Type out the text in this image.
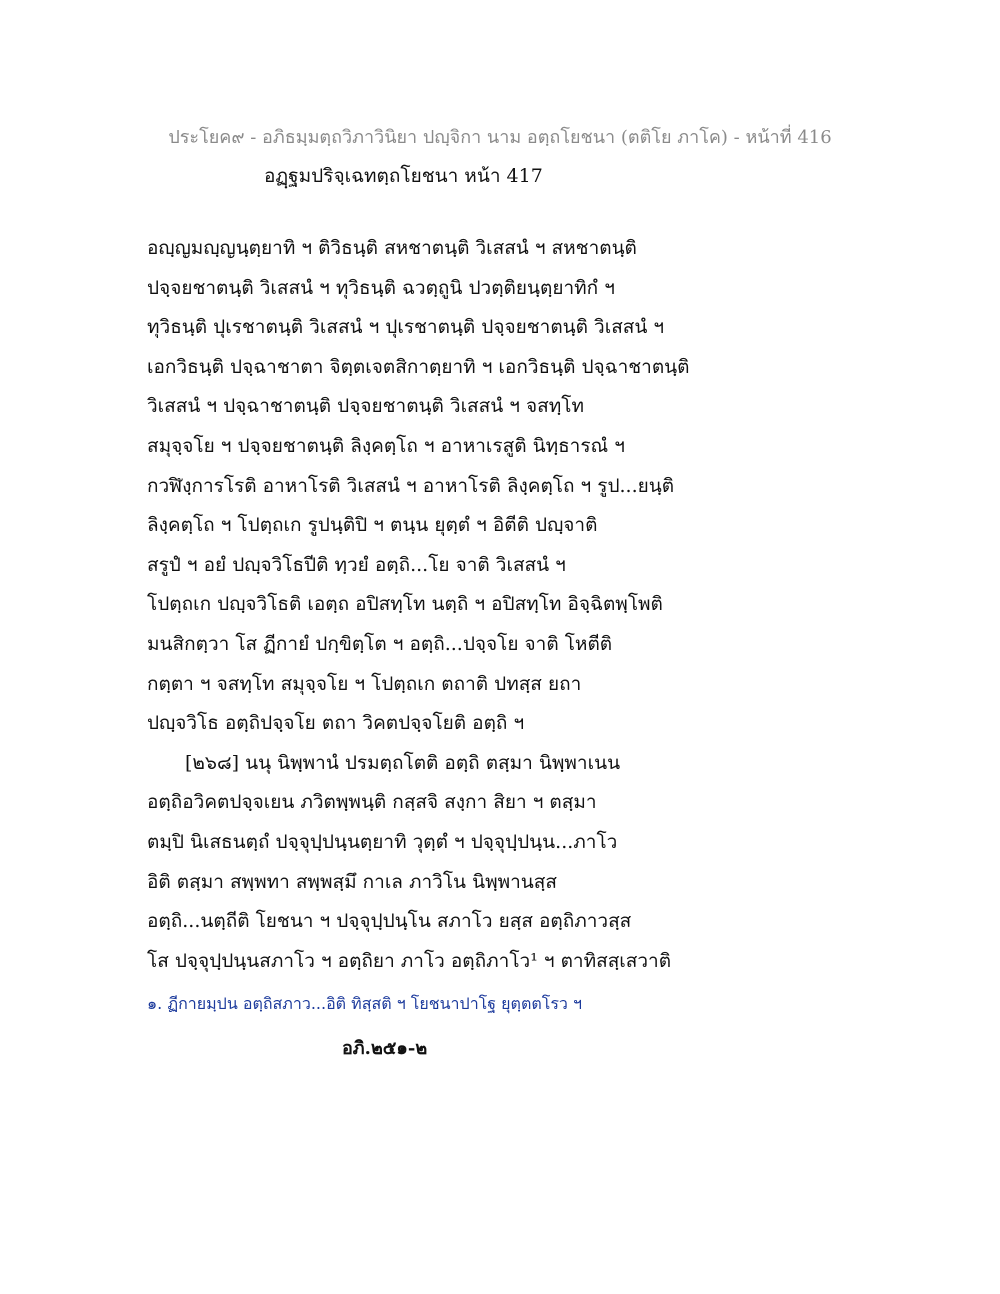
ประโยค๙ - อภิธมฺมตฺถวิภาวินิยา ปญฺจิกา นาม อตฺถโยชนา (ตติโย ภาโค) - หน้าที่ 416
อฏฺฐมปริจฺเฉทตฺถโยชนา หน้า 417
อญฺญมญฺญนฺตฺยาทิ ฯ ติวิธนฺติ สหชาตนฺติ วิเสสนํ ฯ สหชาตนฺติ
ปจฺจยชาตนฺติ วิเสสนํ ฯ ทุวิธนฺติ ฉวตฺถูนิ ปวตฺติยนฺตฺยาทิกํ ฯ
ทุวิธนฺติ ปุเรชาตนฺติ วิเสสนํ ฯ ปุเรชาตนฺติ ปจฺจยชาตนฺติ วิเสสนํ ฯ
เอกวิธนฺติ ปจฺฉาชาตา จิตฺตเจตสิกาตฺยาทิ ฯ เอกวิธนฺติ ปจฺฉาชาตนฺติ
วิเสสนํ ฯ ปจฺฉาชาตนฺติ ปจฺจยชาตนฺติ วิเสสนํ ฯ จสทฺโท
สมุจฺจโย ฯ ปจฺจยชาตนฺติ ลิงฺคตฺโถ ฯ อาหาเรสูติ นิทฺธารณํ ฯ
กวฬิงฺการโรติ อาหาโรติ วิเสสนํ ฯ อาหาโรติ ลิงฺคตฺโถ ฯ รูป...ยนฺติ
ลิงฺคตฺโถ ฯ โปตฺถเก รูปนฺติปิ ฯ ตนฺน ยุตฺตํ ฯ อิตีติ ปญฺจาติ
สรูปํ ฯ อยํ ปญฺจวิโธปีติ ทฺวยํ อตฺถิ...โย จาติ วิเสสนํ ฯ
โปตฺถเก ปญฺจวิโธติ เอตฺถ อปิสทฺโท นตฺถิ ฯ อปิสทฺโท อิจฺฉิตพฺโพติ
มนสิกตฺวา โส ฏีกายํ ปกฺขิตฺโต ฯ อตฺถิ...ปจฺจโย จาติ โหตีติ
กตฺตา ฯ จสทฺโท สมุจฺจโย ฯ โปตฺถเก ตถาติ ปทสฺส ยถา
ปญฺจวิโธ อตฺถิปจฺจโย ตถา วิคตปจฺจโยติ อตฺถิ ฯ
[๒๖๘] นนุ นิพฺพานํ ปรมตฺถโตติ อตฺถิ ตสฺมา นิพฺพาเนน
อตฺถิอวิคตปจฺจเยน ภวิตพฺพนฺติ กสฺสจิ สงฺกา สิยา ฯ ตสฺมา
ตมฺปิ นิเสธนตฺถํ ปจฺจุปฺปนฺนตฺยาทิ วุตฺตํ ฯ ปจฺจุปฺปนฺน...ภาโว
อิติ ตสฺมา สพฺพทา สพฺพสฺมึ กาเล ภาวิโน นิพฺพานสฺส
อตฺถิ...นตฺถีติ โยชนา ฯ ปจฺจุปฺปนฺโน สภาโว ยสฺส อตฺถิภาวสฺส
โส ปจฺจุปฺปนฺนสภาโว ฯ อตฺถิยา ภาโว อตฺถิภาโว¹ ฯ ตาทิสสฺเสวาติ
๑. ฏีกายมฺปน อตฺถิสภาว...อิติ ทิสฺสติ ฯ โยชนาปาโฐ ยุตฺตตโรว ฯ
อภิ.๒๕๑-๒
